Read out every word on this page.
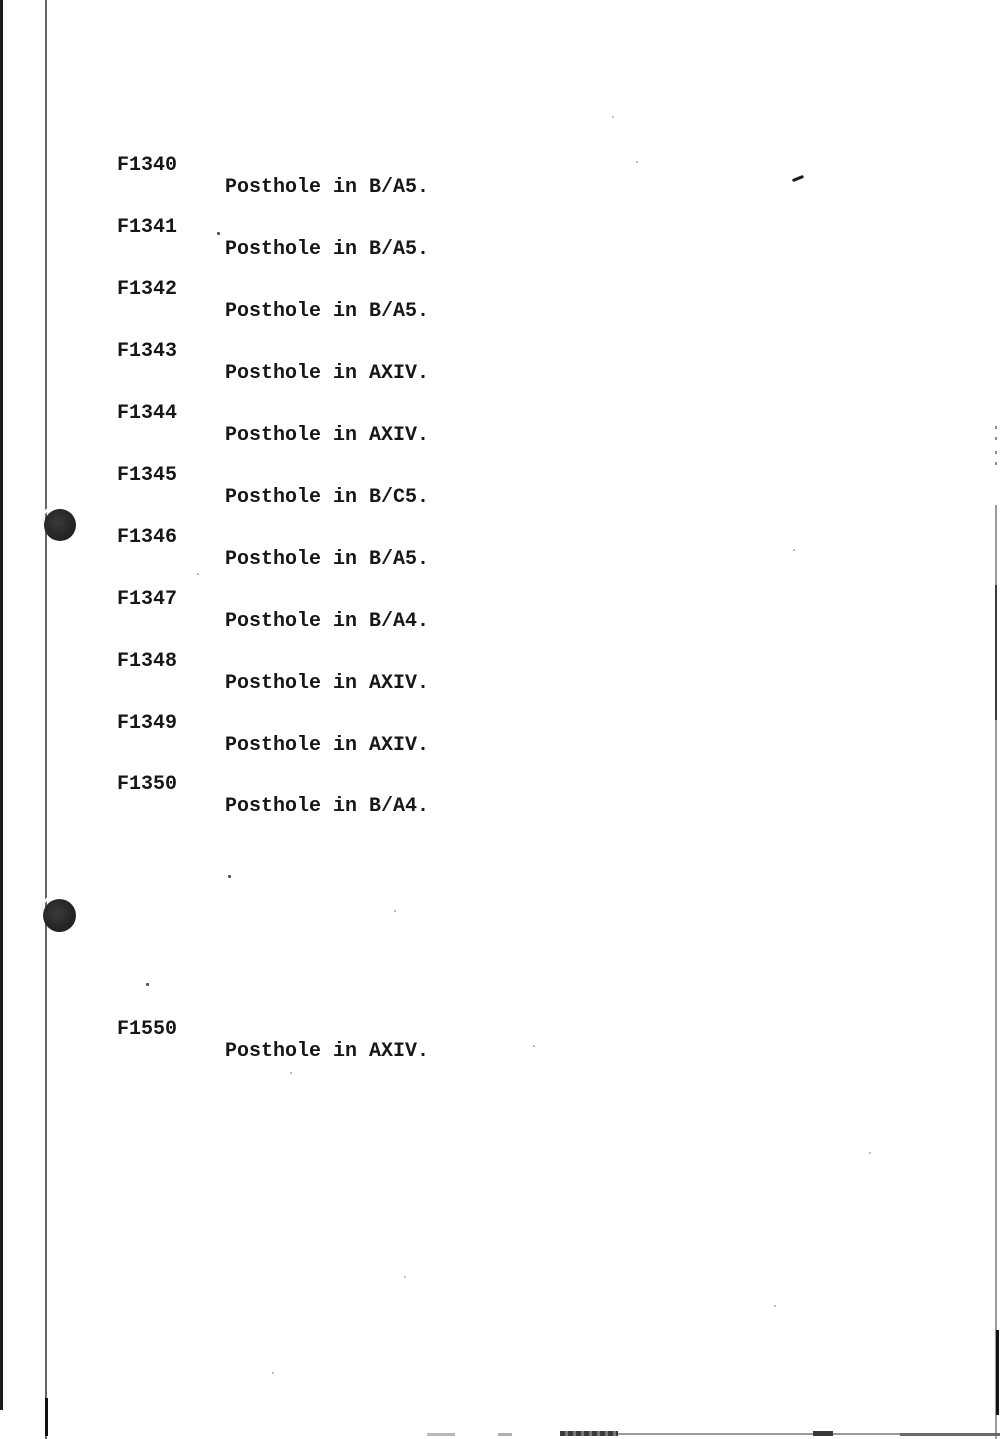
F1340

Posthole in B/A5.

F1341

Posthole in B/A5.

F1342

Posthole in B/A5.

F1343

Posthole in AXIV.

F1344

Posthole in AXIV.

F1345

Posthole in B/C5.

F1346

Posthole in B/A5.

F1347

Posthole in B/A4.

F1348

Posthole in AXIV.

F1349

Posthole in AXIV.

F1350

Posthole in B/A4.

F1550

Posthole in AXIV.
